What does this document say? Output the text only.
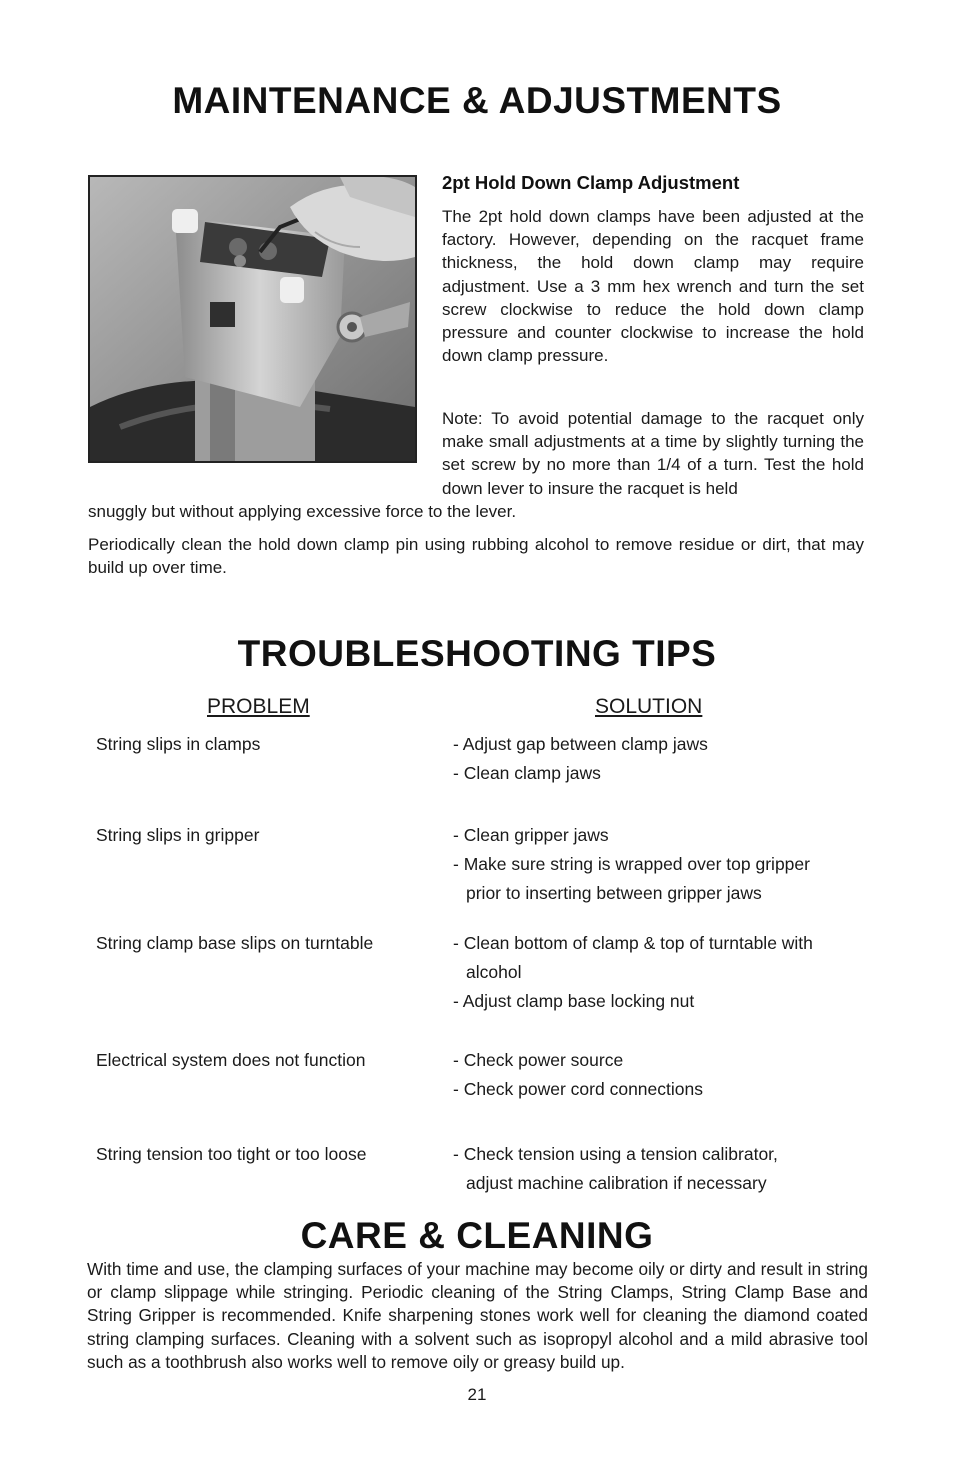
MAINTENANCE & ADJUSTMENTS
2pt Hold Down Clamp Adjustment
The 2pt hold down clamps have been adjusted at the factory. However, depending on the racquet frame thickness, the hold down clamp may require adjustment. Use a 3 mm hex wrench and turn the set screw clockwise to reduce the hold down clamp pressure and counter clockwise to increase the hold down clamp pressure.
Note: To avoid potential damage to the racquet only make small adjustments at a time by slightly turning the set screw by no more than 1/4 of a turn. Test the hold down lever to insure the racquet is held
snuggly but without applying excessive force to the lever.
Periodically clean the hold down clamp pin using rubbing alcohol to remove residue or dirt, that may build up over time.
TROUBLESHOOTING TIPS
PROBLEM	SOLUTION
String slips in clamps	- Adjust gap between clamp jaws
- Clean clamp jaws
String slips in gripper	- Clean gripper jaws
- Make sure string is wrapped over top gripper
prior to inserting between gripper jaws
String clamp base slips on turntable	- Clean bottom of clamp & top of turntable with
alcohol
- Adjust clamp base locking nut
Electrical system does not function	- Check power source
- Check power cord connections
String tension too tight or too loose	- Check tension using a tension calibrator,
adjust machine calibration if necessary
CARE & CLEANING
With time and use, the clamping surfaces of your machine may become oily or dirty and result in string or clamp slippage while stringing. Periodic cleaning of the String Clamps, String Clamp Base and String Gripper is recommended. Knife sharpening stones work well for cleaning the diamond coated string clamping surfaces. Cleaning with a solvent such as isopropyl alcohol and a mild abrasive tool such as a toothbrush also works well to remove oily or greasy build up.
21
